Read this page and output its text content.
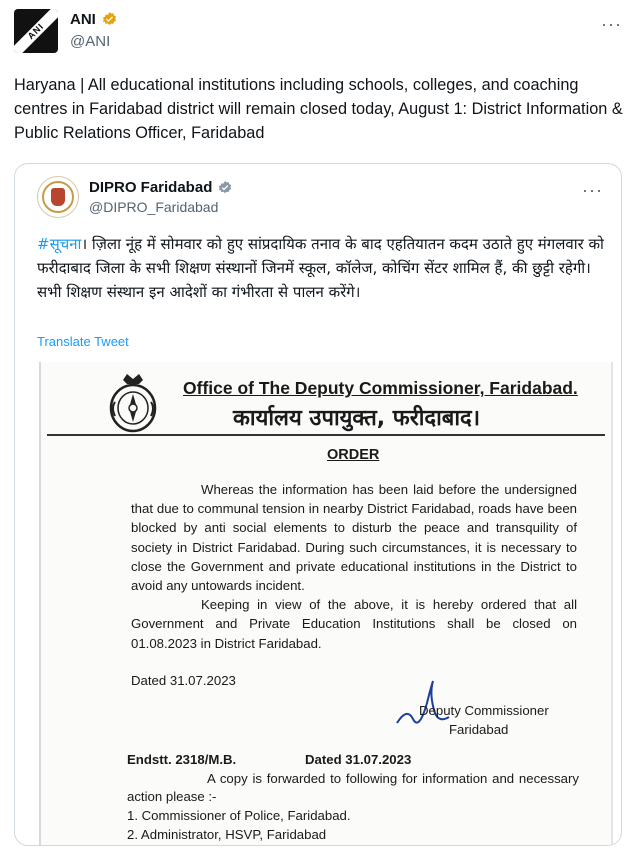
ANI
ANI
@ANI
···
Haryana | All educational institutions including schools, colleges, and coaching centres in Faridabad district will remain closed today, August 1: District Information & Public Relations Officer, Faridabad
DIPRO Faridabad
@DIPRO_Faridabad
···
#सूचना। ज़िला नूंह में सोमवार को हुए सांप्रदायिक तनाव के बाद एहतियातन कदम उठाते हुए मंगलवार को फरीदाबाद जिला के सभी शिक्षण संस्थानों जिनमें स्कूल, कॉलेज, कोचिंग सेंटर शामिल हैं, की छुट्टी रहेगी। सभी शिक्षण संस्थान इन आदेशों का गंभीरता से पालन करेंगे।
Translate Tweet
Office of The Deputy Commissioner, Faridabad.
कार्यालय उपायुक्त, फरीदाबाद।
ORDER

Whereas the information has been laid before the undersigned that due to communal tension in nearby District Faridabad, roads have been blocked by anti social elements to disturb the peace and transquility of society in District Faridabad. During such circumstances, it is necessary to close the Government and private educational institutions in the District to avoid any untowards incident.

Keeping in view of the above, it is hereby ordered that all Government and Private Education Institutions shall be closed on 01.08.2023 in District Faridabad.

Dated 31.07.2023
Deputy Commissioner
Faridabad
Endstt. 2318/M.B.	Dated 31.07.2023
A copy is forwarded to following for information and necessary action please :-
1. Commissioner of Police, Faridabad.
2. Administrator, HSVP, Faridabad
